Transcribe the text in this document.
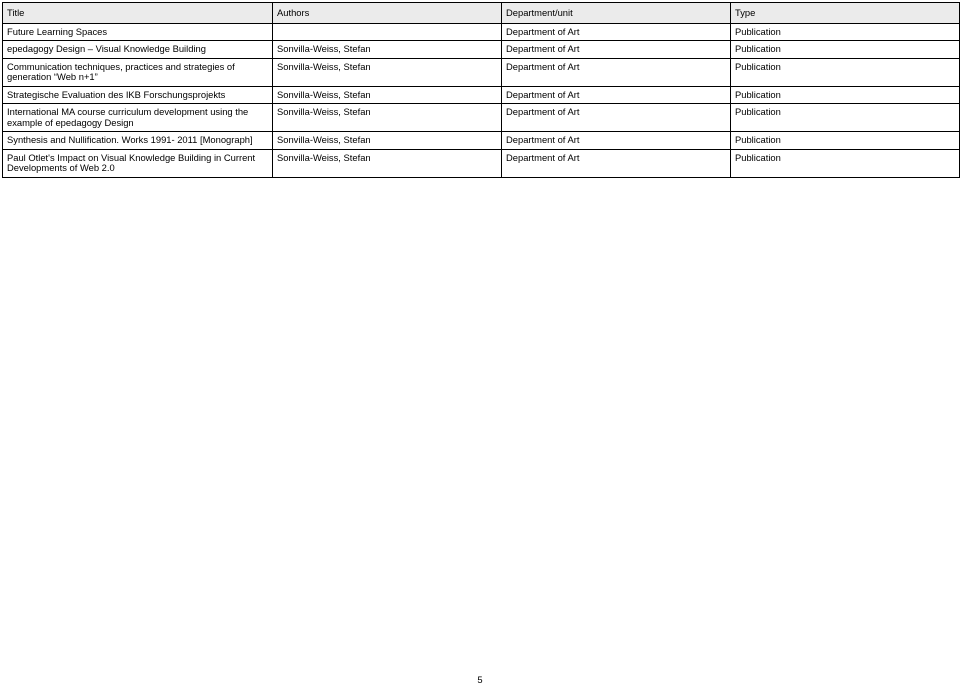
Title	Authors	Department/unit	Type
Future Learning Spaces		Department of Art	Publication
epedagogy Design – Visual Knowledge Building	Sonvilla-Weiss, Stefan	Department of Art	Publication
Communication techniques, practices and strategies of generation “Web n+1”	Sonvilla-Weiss, Stefan	Department of Art	Publication
Strategische Evaluation des IKB Forschungsprojekts	Sonvilla-Weiss, Stefan	Department of Art	Publication
International MA course curriculum development using the example of epedagogy Design	Sonvilla-Weiss, Stefan	Department of Art	Publication
Synthesis and Nullification. Works 1991- 2011 [Monograph]	Sonvilla-Weiss, Stefan	Department of Art	Publication
Paul Otlet's Impact on Visual Knowledge Building in Current Developments of Web 2.0	Sonvilla-Weiss, Stefan	Department of Art	Publication
5
